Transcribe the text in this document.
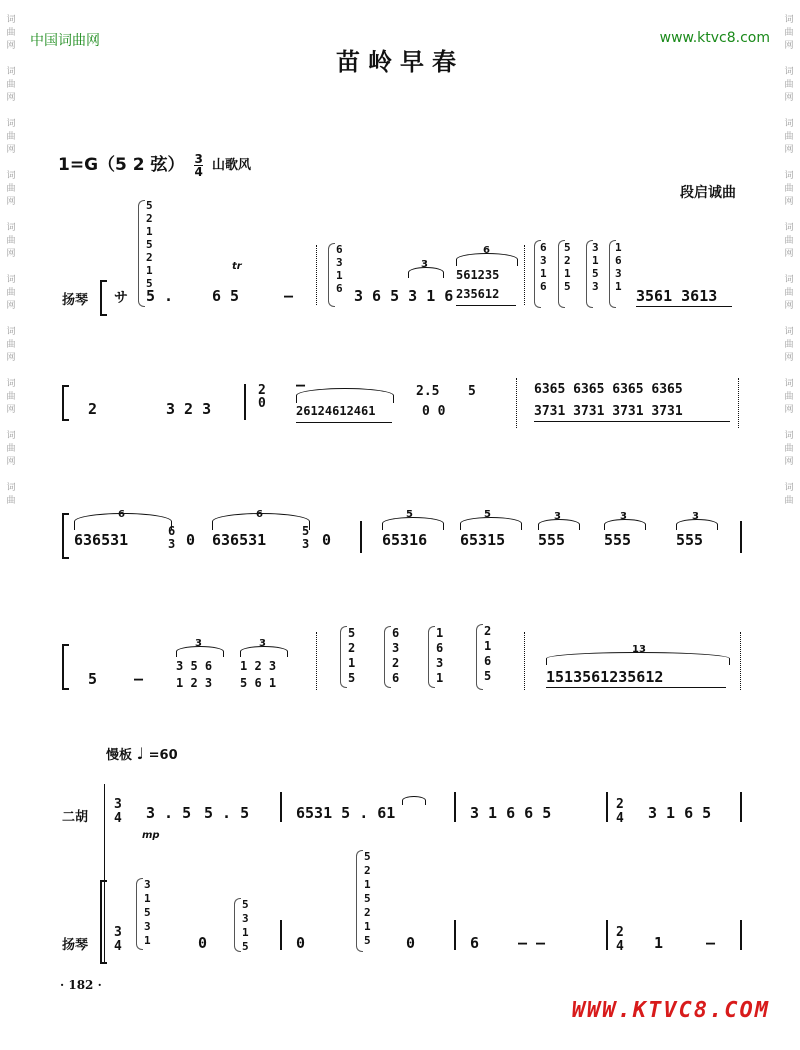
词
曲
网
词
曲
网
词
曲
网
词
曲
网
词
曲
网
词
曲
网
词
曲
网
词
曲
网
词
曲
网
词
曲
词
曲
网
词
曲
网
词
曲
网
词
曲
网
词
曲
网
词
曲
网
词
曲
网
词
曲
网
词
曲
网
词
曲
中国词曲网	www.ktvc8.com
苗岭早春
1=G（5 2 弦） $\frac{3}{4}$ 山歌风
段启诚曲
扬琴 サ
5
2
1
5
2
1
5
5 .
tr
6 5	–
6
3
1
6 3 6 5 3 1 6
3
6
561235
235612
6
3
1
6
5
2
1
5
3
1
5
3
1
6
3
1
3561 3613
2	3 2 3
2
0
–
26124612461
2.5 5
0 0
6365 6365 6365 6365
3731 3731 3731 3731
6
636531	6
3 0
6
636531	5
3 0
5
65316
5
65315
3
555
3
555
3
555
5 –
3
3 5 6
1 2 3
3
1 2 3
5 6 1
5
2
1
5
6
3
2
6
1
6
3
1
2
1
6
5
13
1513561235612
慢板 ♩ =60
二胡
3
4 3 . 5
mp
5 . 5	6531 5 . 61	3 1 6 6 5	2
4 3 1 6 5
扬琴
3
4
3
1
5
3
1	0
5
3
1
5	0
5
2
1
5
2
1
5 0	6	– –
2
4 1	–
· 182 ·
WWW.KTVC8.COM
